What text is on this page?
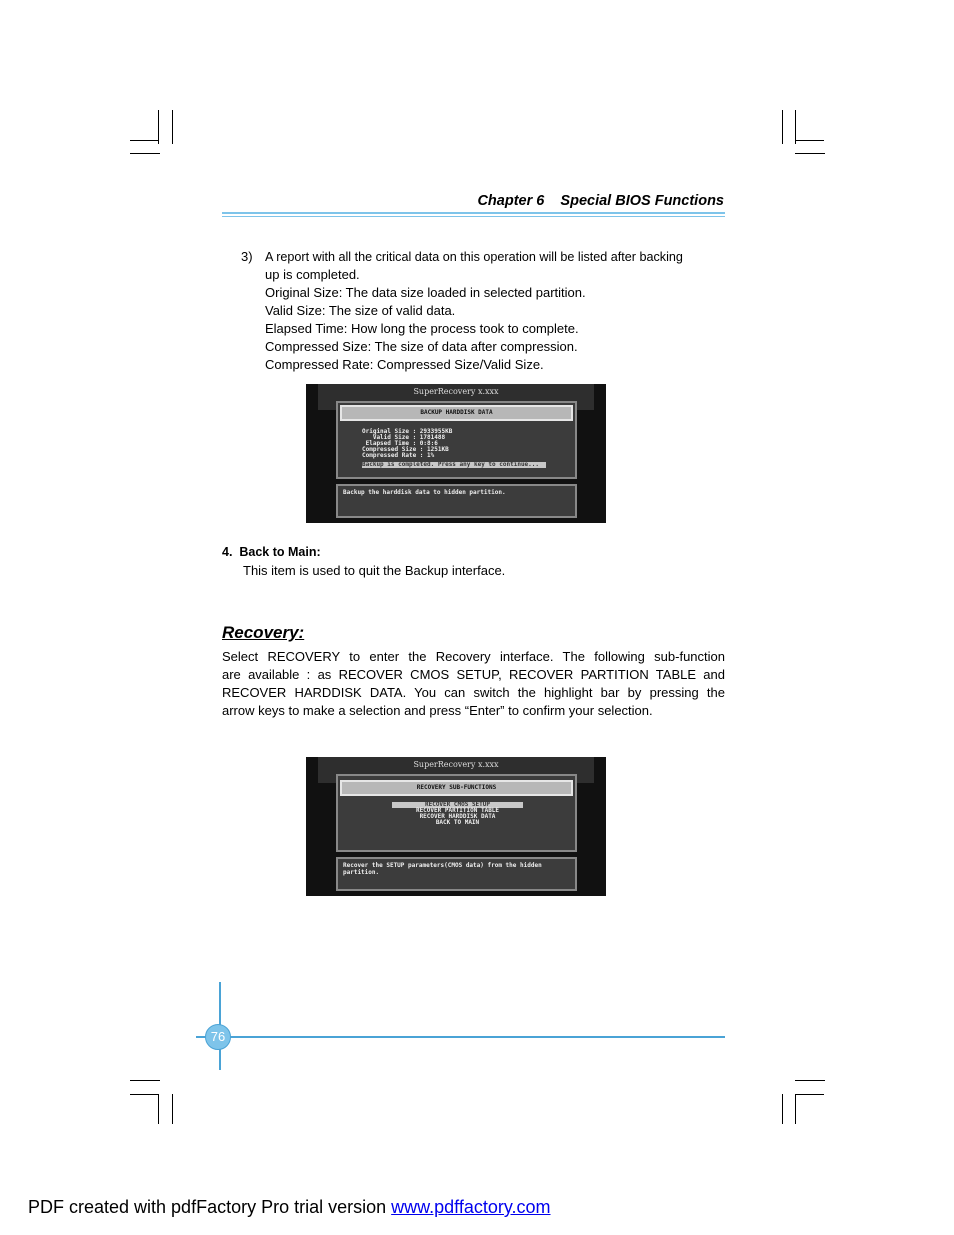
Chapter 6    Special BIOS Functions
3) A report with all the critical data on this operation will be listed after backing
up is completed.
Original Size: The data size loaded in selected partition.
Valid Size: The size of valid data.
Elapsed Time: How long the process took to complete.
Compressed Size: The size of data after compression.
Compressed Rate: Compressed Size/Valid Size.
SuperRecovery x.xxx
BACKUP HARDDISK DATA
Original Size : 2933955KB
Valid Size : 1781488
Elapsed Time : 0:8:6
Compressed Size : 1251KB
Compressed Rate : 1%
Backup is completed. Press any key to continue...
Backup the harddisk data to hidden partition.
4.  Back to Main:
This item is used to quit the Backup interface.
Recovery:
Select RECOVERY to enter the Recovery interface. The following sub-function
are available : as RECOVER CMOS SETUP, RECOVER PARTITION TABLE and
RECOVER HARDDISK DATA. You can switch the highlight bar by pressing the
arrow keys to make a selection and press “Enter” to confirm your selection.
SuperRecovery x.xxx
RECOVERY SUB-FUNCTIONS
RECOVER CMOS SETUP
RECOVER PARTITION TABLE
RECOVER HARDDISK DATA
BACK TO MAIN
Recover the SETUP parameters(CMOS data) from the hidden
partition.
76
PDF created with pdfFactory Pro trial version www.pdffactory.com
